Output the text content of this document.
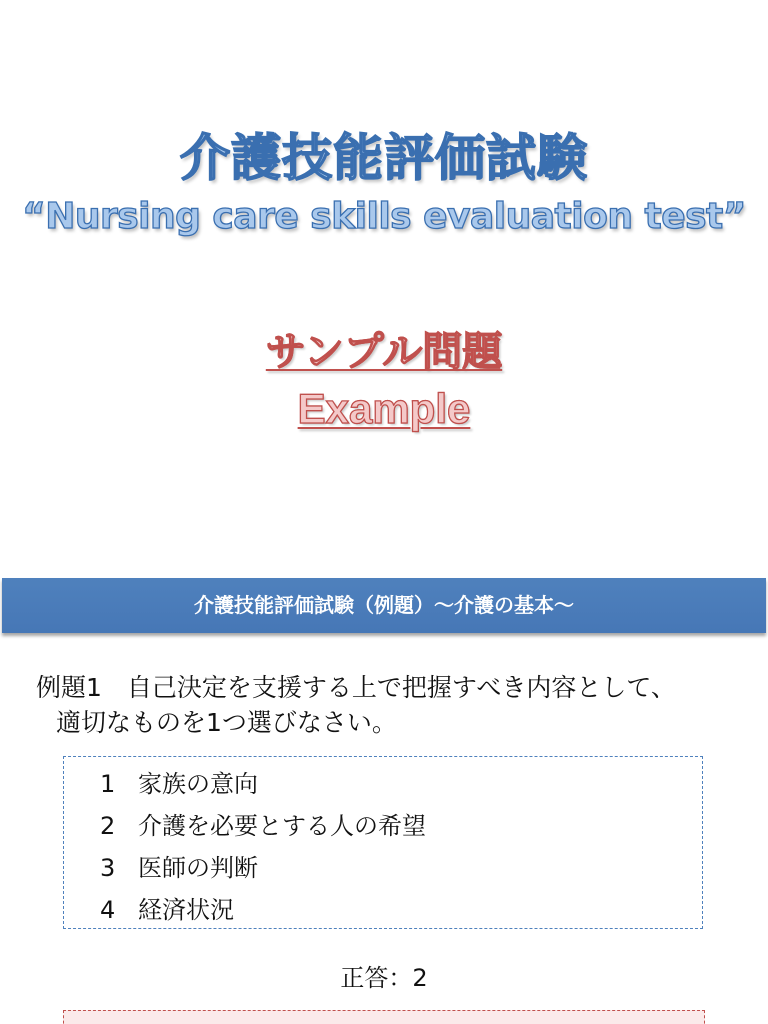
介護技能評価試験
“Nursing care skills evaluation test”
サンプル問題
Example
介護技能評価試験（例題）〜介護の基本〜
例題1　自己決定を支援する上で把握すべき内容として、
適切なものを1つ選びなさい。
1 家族の意向
2 介護を必要とする人の希望
3 医師の判断
4 経済状況
正答：2
